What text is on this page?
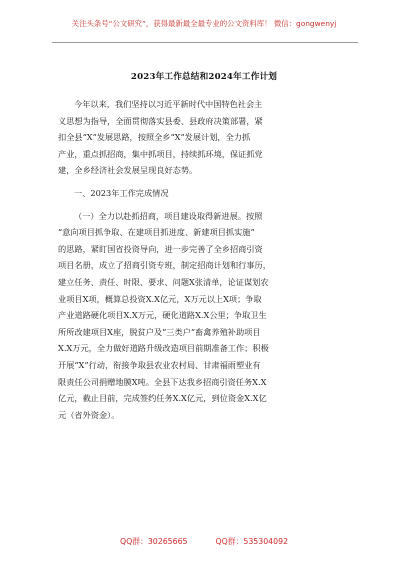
关注头条号“公文研究”，获得最新最全最专业的公文资料库！ 微信：gongwenyj
2023年工作总结和2024年工作计划
今年以来，我们坚持以习近平新时代中国特色社会主
义思想为指导，全面贯彻落实县委、县政府决策部署，紧
扣全县“X”发展思路，按照全乡“X”发展计划，全力抓
产业，重点抓招商，集中抓项目，持续抓环境，保证抓党
建，全乡经济社会发展呈现良好态势。
一、2023年工作完成情况
（一）全力以赴抓招商，项目建设取得新进展。按照
“意向项目抓争取、在建项目抓进度、新建项目抓实施”
的思路，紧盯国省投资导向，进一步完善了全乡招商引资
项目名册，成立了招商引资专班，制定招商计划和行事历，
建立任务、责任、时限、要求、问题X张清单，论证谋划农
业项目X项，概算总投资X.X亿元，X万元以上X项；争取
产业道路硬化项目X.X万元，硬化道路X.X公里；争取卫生
所所改建项目X座，脱贫户及“三类户”畜禽养殖补助项目
X.X万元，全力做好道路升级改造项目前期准备工作；积极
开展“X”行动，衔接争取县农业农村局、甘肃福雨塑业有
限责任公司捐赠地膜X吨。全县下达我乡招商引资任务X.X
亿元，截止目前，完成签约任务X.X亿元，到位资金X.X亿
元（省外资金）。
QQ群：30265665	QQ群：535304092
